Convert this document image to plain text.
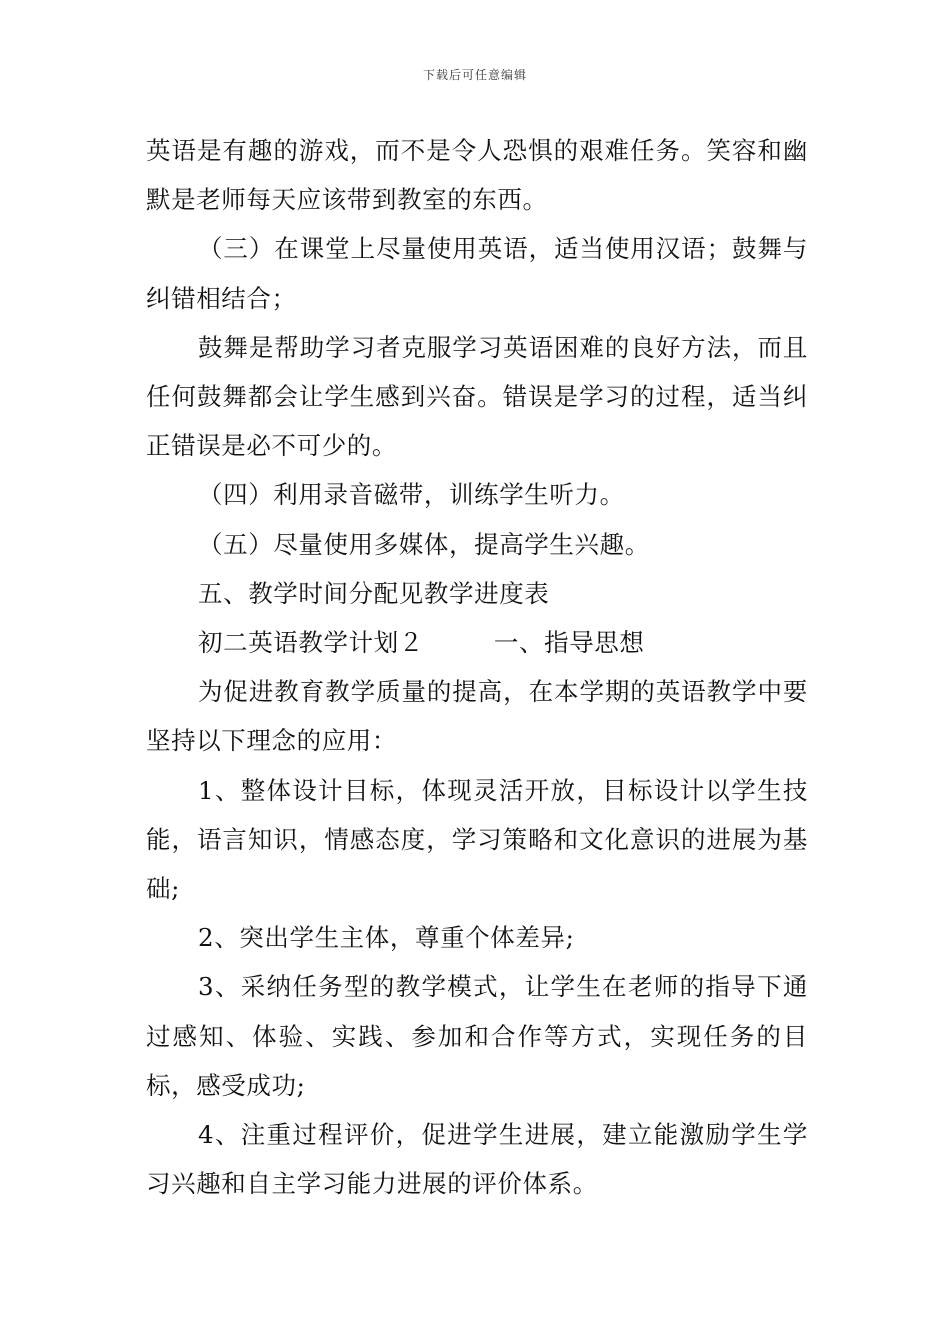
下载后可任意编辑

英语是有趣的游戏，而不是令人恐惧的艰难任务。笑容和幽默是老师每天应该带到教室的东西。

（三）在课堂上尽量使用英语，适当使用汉语；鼓舞与纠错相结合；

鼓舞是帮助学习者克服学习英语困难的良好方法，而且任何鼓舞都会让学生感到兴奋。错误是学习的过程，适当纠正错误是必不可少的。

（四）利用录音磁带，训练学生听力。

（五）尽量使用多媒体，提高学生兴趣。

五、教学时间分配见教学进度表

初二英语教学计划２	一、指导思想

为促进教育教学质量的提高，在本学期的英语教学中要坚持以下理念的应用：

1、整体设计目标，体现灵活开放，目标设计以学生技能，语言知识，情感态度，学习策略和文化意识的进展为基础;

2、突出学生主体，尊重个体差异;

3、采纳任务型的教学模式，让学生在老师的指导下通过感知、体验、实践、参加和合作等方式，实现任务的目标，感受成功;

4、注重过程评价，促进学生进展，建立能激励学生学习兴趣和自主学习能力进展的评价体系。
